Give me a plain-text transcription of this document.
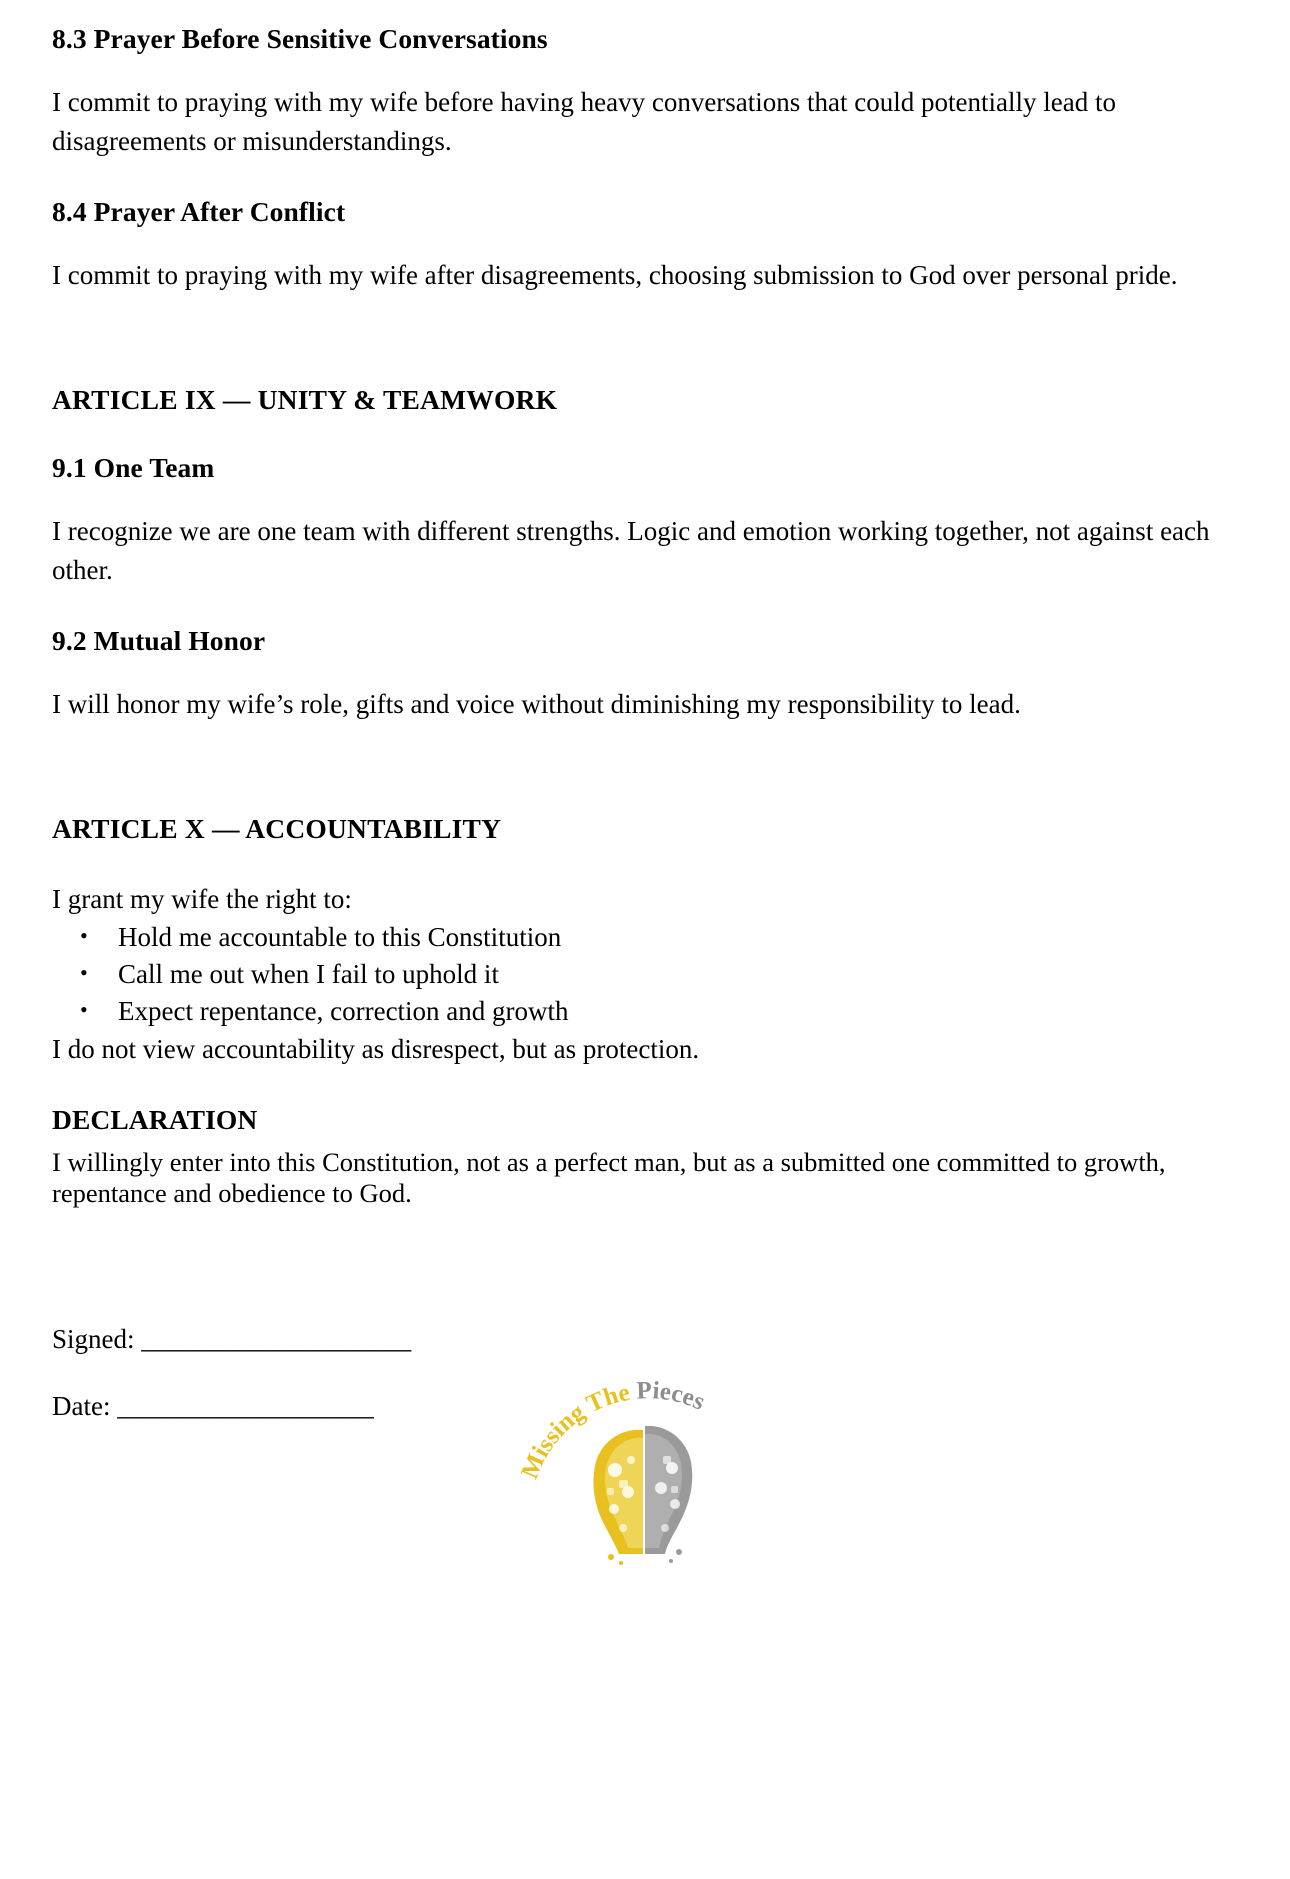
8.3 Prayer Before Sensitive Conversations

I commit to praying with my wife before having heavy conversations that could potentially lead to disagreements or misunderstandings.

8.4 Prayer After Conflict

I commit to praying with my wife after disagreements, choosing submission to God over personal pride.

ARTICLE IX — UNITY & TEAMWORK
9.1 One Team

I recognize we are one team with different strengths. Logic and emotion working together, not against each other.

9.2 Mutual Honor

I will honor my wife’s role, gifts and voice without diminishing my responsibility to lead.

ARTICLE X — ACCOUNTABILITY

I grant my wife the right to:

• Hold me accountable to this Constitution
• Call me out when I fail to uphold it
• Expect repentance, correction and growth

I do not view accountability as disrespect, but as protection.

DECLARATION

I willingly enter into this Constitution, not as a perfect man, but as a submitted one committed to growth, repentance and obedience to God.

Signed: ____________________
Date: ___________________
Missing The Pieces
